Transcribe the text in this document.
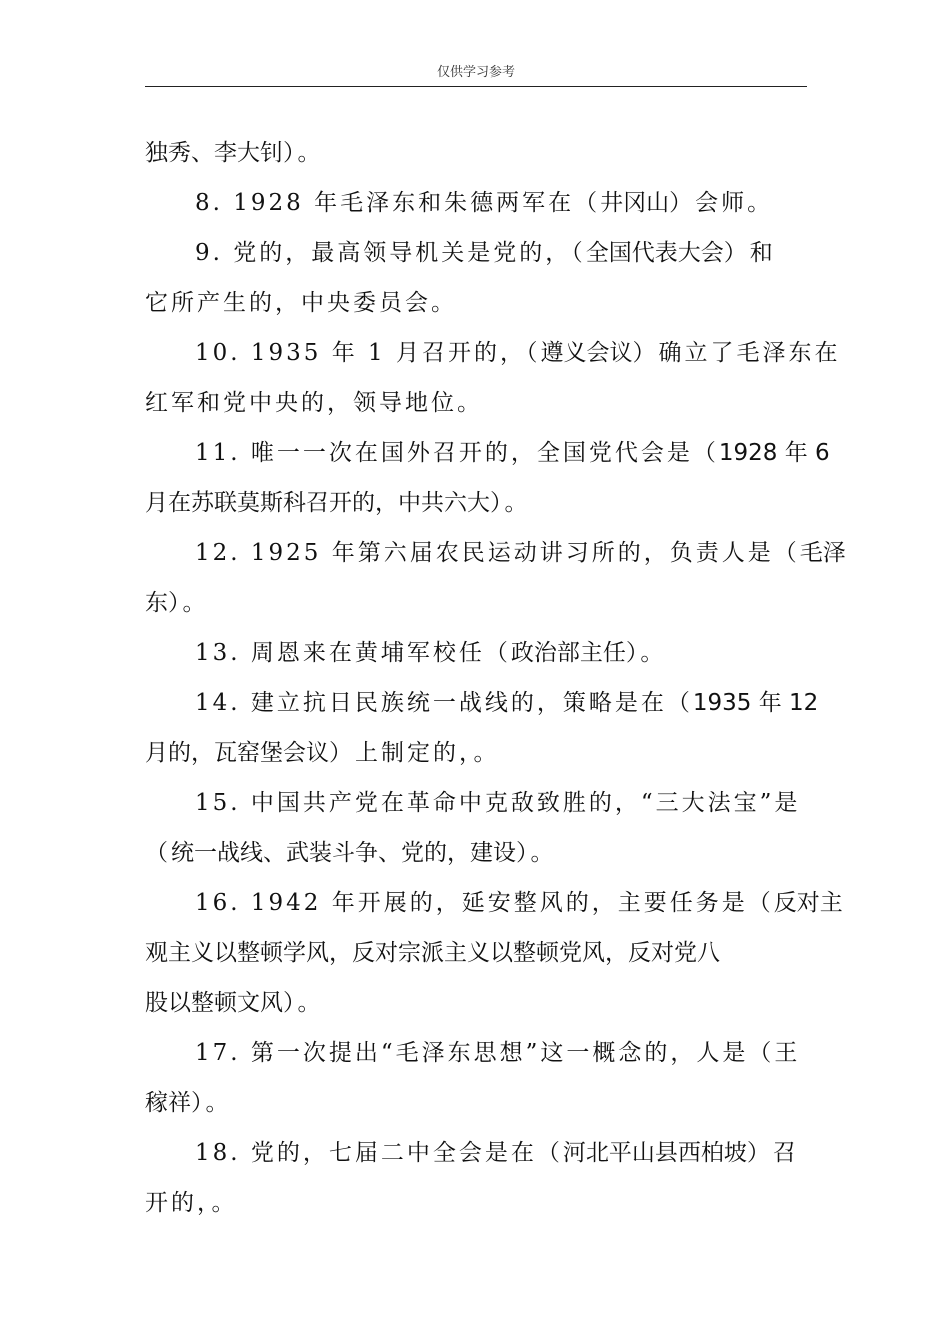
仅供学习参考
独秀、李大钊）。
8. 1928 年毛泽东和朱德两军在（井冈山）会师。
9. 党的，最高领导机关是党的，（全国代表大会）和
它所产生的，中央委员会。
10. 1935 年 1 月召开的，（遵义会议）确立了毛泽东在
红军和党中央的，领导地位。
11. 唯一一次在国外召开的，全国党代会是（1928 年 6
月在苏联莫斯科召开的，中共六大）。
12. 1925 年第六届农民运动讲习所的，负责人是（毛泽
东）。
13. 周恩来在黄埔军校任（政治部主任）。
14. 建立抗日民族统一战线的，策略是在（1935 年 12
月的，瓦窑堡会议）上制定的，。
15. 中国共产党在革命中克敌致胜的，“三大法宝”是
（统一战线、武装斗争、党的，建设）。
16. 1942 年开展的，延安整风的，主要任务是（反对主
观主义以整顿学风，反对宗派主义以整顿党风，反对党八
股以整顿文风）。
17. 第一次提出“毛泽东思想”这一概念的，人是（王
稼祥）。
18. 党的，七届二中全会是在（河北平山县西柏坡）召
开的，。
